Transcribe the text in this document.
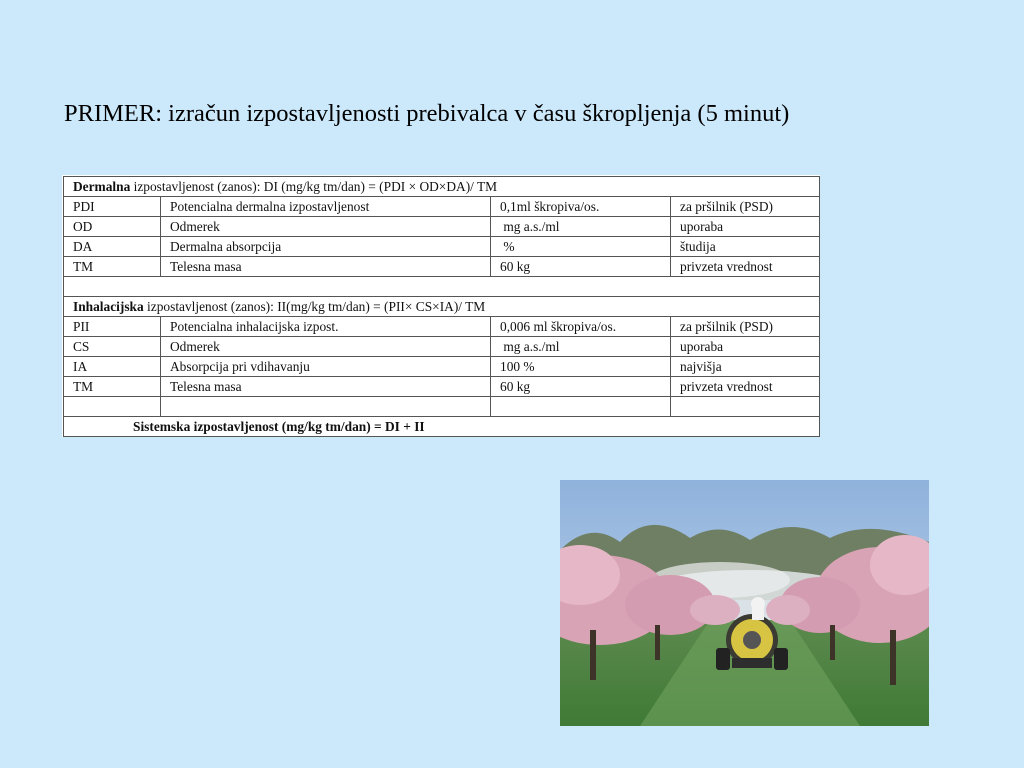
PRIMER: izračun izpostavljenosti prebivalca v času škropljenja (5 minut)
Dermalna izpostavljenost (zanos): DI (mg/kg tm/dan) = (PDI × OD×DA)/ TM			
PDI	Potencialna dermalna izpostavljenost	0,1ml škropiva/os.	za pršilnik (PSD)
OD	Odmerek	mg a.s./ml	uporaba
DA	Dermalna absorpcija	%	študija
TM	Telesna masa	60 kg	privzeta vrednost

Inhalacijska izpostavljenost (zanos): II(mg/kg tm/dan) = (PII× CS×IA)/ TM			
PII	Potencialna inhalacijska izpost.	0,006 ml škropiva/os.	za pršilnik (PSD)
CS	Odmerek	mg a.s./ml	uporaba
IA	Absorpcija pri vdihavanju	100 %	najvišja
TM	Telesna masa	60 kg	privzeta vrednost

Sistemska izpostavljenost (mg/kg tm/dan) = DI + II			
